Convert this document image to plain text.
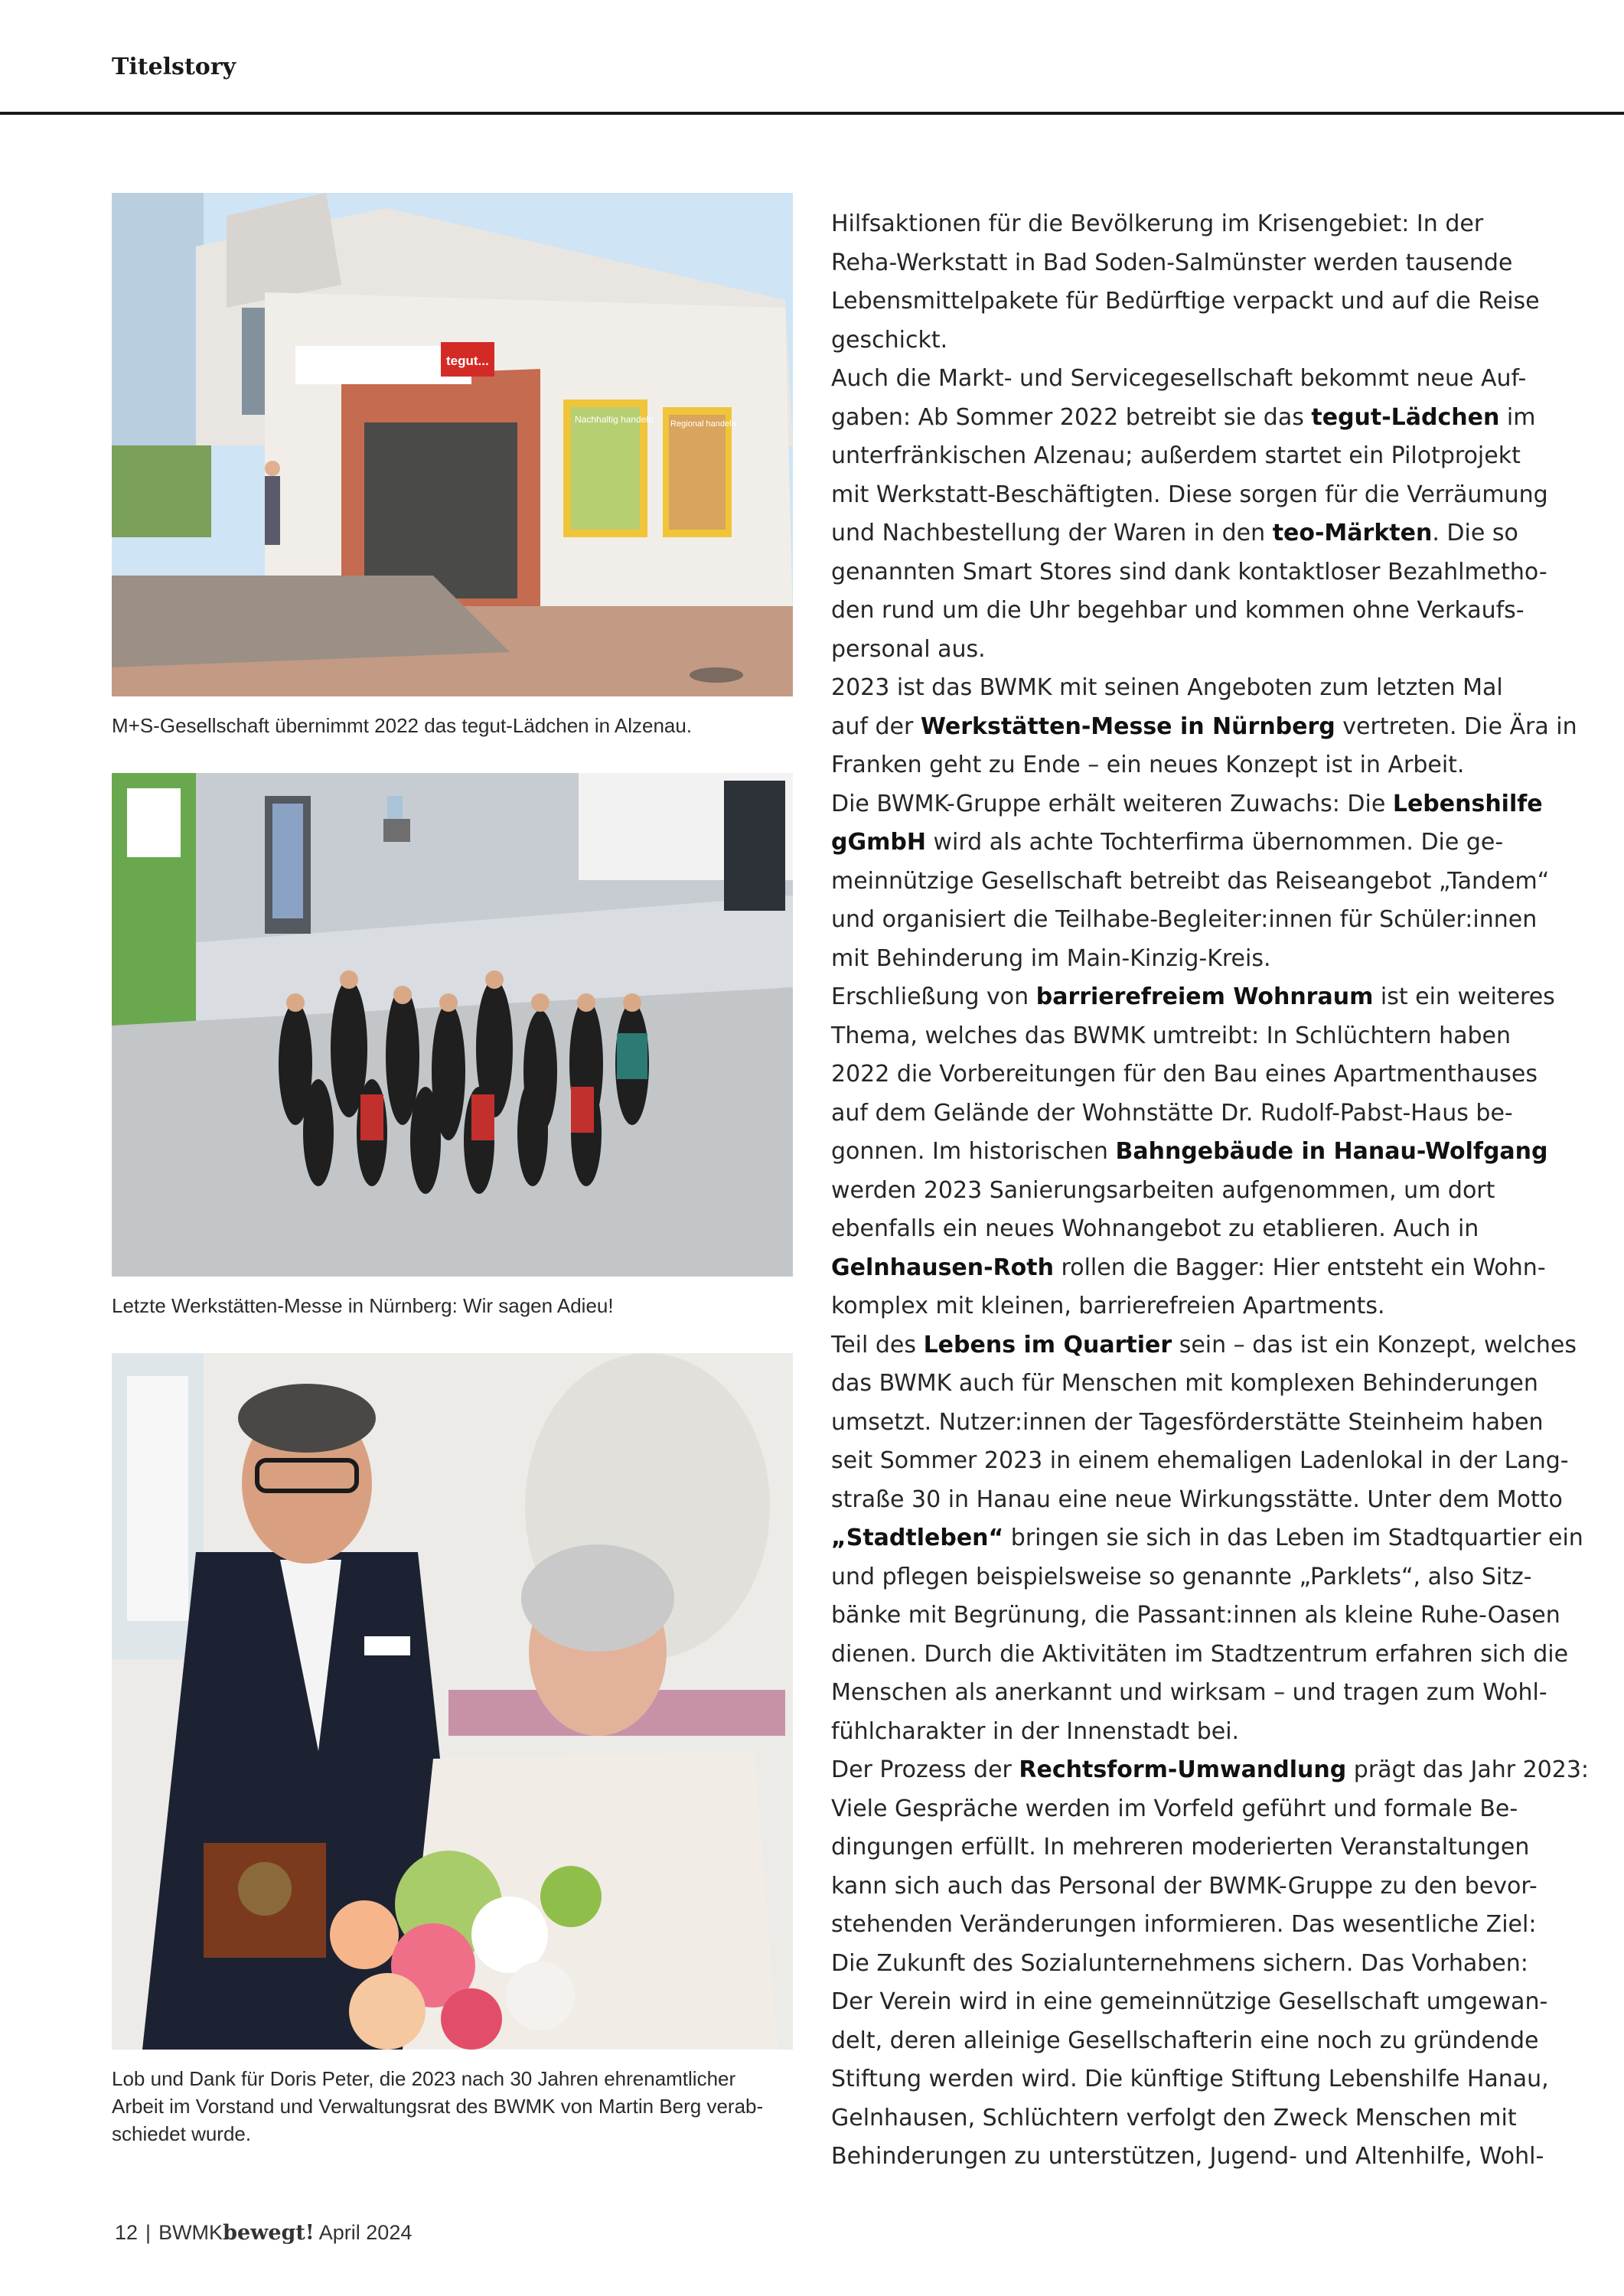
Titelstory
tegut...
Nachhaltig handeln Regional handeln
M+S-Gesellschaft übernimmt 2022 das tegut-Lädchen in Alzenau.
Letzte Werkstätten-Messe in Nürnberg: Wir sagen Adieu!
Lob und Dank für Doris Peter, die 2023 nach 30 Jahren ehrenamtlicher
Arbeit im Vorstand und Verwaltungsrat des BWMK von Martin Berg verab-
schiedet wurde.
Hilfsaktionen für die Bevölkerung im Krisengebiet: In der
Reha-Werkstatt in Bad Soden-Salmünster werden tausende
Lebensmittelpakete für Bedürftige verpackt und auf die Reise
geschickt.
Auch die Markt- und Servicegesellschaft bekommt neue Auf-
gaben: Ab Sommer 2022 betreibt sie das tegut-Lädchen im
unterfränkischen Alzenau; außerdem startet ein Pilotprojekt
mit Werkstatt-Beschäftigten. Diese sorgen für die Verräumung
und Nachbestellung der Waren in den teo-Märkten. Die so
genannten Smart Stores sind dank kontaktloser Bezahlmetho-
den rund um die Uhr begehbar und kommen ohne Verkaufs-
personal aus.
2023 ist das BWMK mit seinen Angeboten zum letzten Mal
auf der Werkstätten-Messe in Nürnberg vertreten. Die Ära in
Franken geht zu Ende – ein neues Konzept ist in Arbeit.
Die BWMK-Gruppe erhält weiteren Zuwachs: Die Lebenshilfe
gGmbH wird als achte Tochterfirma übernommen. Die ge-
meinnützige Gesellschaft betreibt das Reiseangebot „Tandem“
und organisiert die Teilhabe-Begleiter:innen für Schüler:innen
mit Behinderung im Main-Kinzig-Kreis.
Erschließung von barrierefreiem Wohnraum ist ein weiteres
Thema, welches das BWMK umtreibt: In Schlüchtern haben
2022 die Vorbereitungen für den Bau eines Apartmenthauses
auf dem Gelände der Wohnstätte Dr. Rudolf-Pabst-Haus be-
gonnen. Im historischen Bahngebäude in Hanau-Wolfgang
werden 2023 Sanierungsarbeiten aufgenommen, um dort
ebenfalls ein neues Wohnangebot zu etablieren. Auch in
Gelnhausen-Roth rollen die Bagger: Hier entsteht ein Wohn-
komplex mit kleinen, barrierefreien Apartments.
Teil des Lebens im Quartier sein – das ist ein Konzept, welches
das BWMK auch für Menschen mit komplexen Behinderungen
umsetzt. Nutzer:innen der Tagesförderstätte Steinheim haben
seit Sommer 2023 in einem ehemaligen Ladenlokal in der Lang-
straße 30 in Hanau eine neue Wirkungsstätte. Unter dem Motto
„Stadtleben“ bringen sie sich in das Leben im Stadtquartier ein
und pflegen beispielsweise so genannte „Parklets“, also Sitz-
bänke mit Begrünung, die Passant:innen als kleine Ruhe-Oasen
dienen. Durch die Aktivitäten im Stadtzentrum erfahren sich die
Menschen als anerkannt und wirksam – und tragen zum Wohl-
fühlcharakter in der Innenstadt bei.
Der Prozess der Rechtsform-Umwandlung prägt das Jahr 2023:
Viele Gespräche werden im Vorfeld geführt und formale Be-
dingungen erfüllt. In mehreren moderierten Veranstaltungen
kann sich auch das Personal der BWMK-Gruppe zu den bevor-
stehenden Veränderungen informieren. Das wesentliche Ziel:
Die Zukunft des Sozialunternehmens sichern. Das Vorhaben:
Der Verein wird in eine gemeinnützige Gesellschaft umgewan-
delt, deren alleinige Gesellschafterin eine noch zu gründende
Stiftung werden wird. Die künftige Stiftung Lebenshilfe Hanau,
Gelnhausen, Schlüchtern verfolgt den Zweck Menschen mit
Behinderungen zu unterstützen, Jugend- und Altenhilfe, Wohl-
12 | BWMKbewegt! April 2024
